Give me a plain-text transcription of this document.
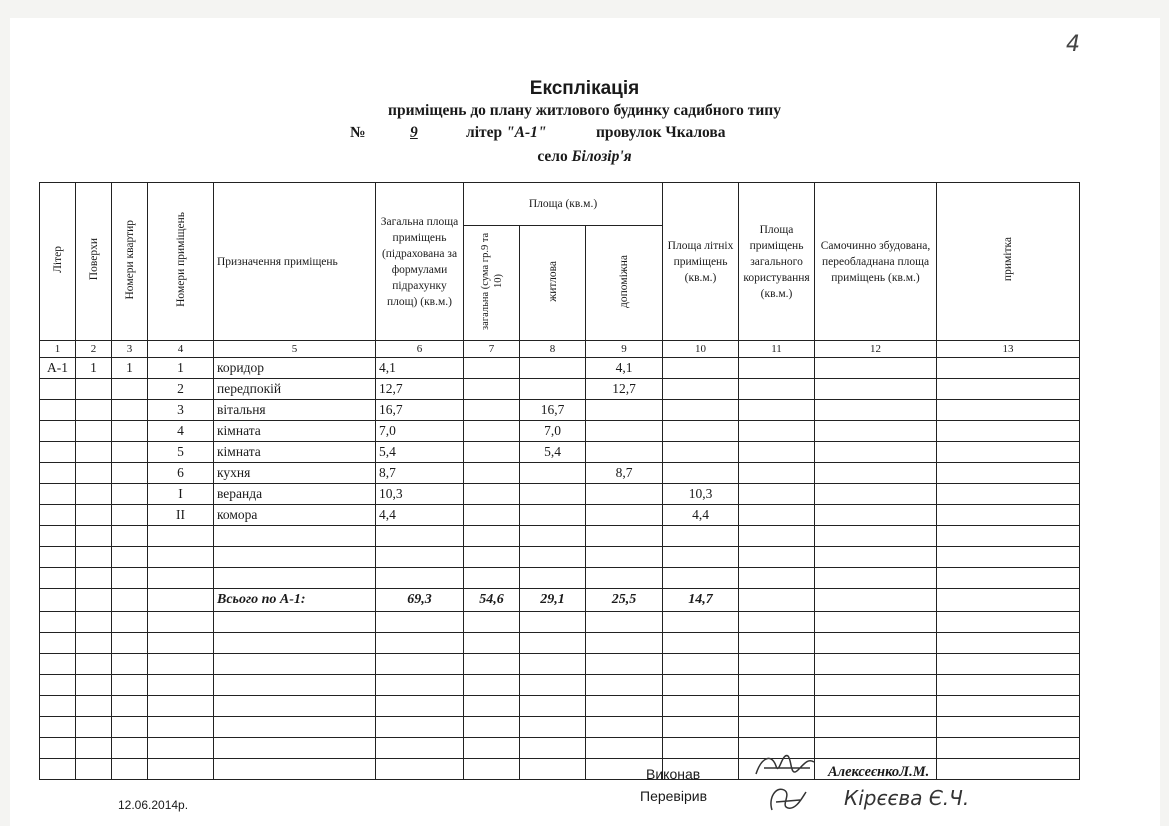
4
Експлікація
приміщень до плану житлового будинку садибного типу
№	9	літер "А-1"	провулок Чкалова
село Білозір'я
Літер	Поверхи	Номери квартир	Номери приміщень	Призначення приміщень	Загальна площа приміщень (підрахована за формулами підрахунку площ) (кв.м.)	Площа (кв.м.)			Площа літніх приміщень (кв.м.)	Площа приміщень загального користування (кв.м.)	Самочинно збудована, переобладнана площа приміщень (кв.м.)	примітка
						загальна (сума гр.9 та 10)	житлова	допоміжна				
1	2	3	4	5	6	7	8	9	10	11	12	13
А-1	1	1	1	коридор	4,1			4,1				
			2	передпокій	12,7			12,7				
			3	вітальня	16,7		16,7					
			4	кімната	7,0		7,0					
			5	кімната	5,4		5,4					
			6	кухня	8,7			8,7				
			I	веранда	10,3				10,3			
			II	комора	4,4				4,4			

				Всього по А-1:	69,3	54,6	29,1	25,5	14,7			

Виконав	АлексеєнкоЛ.М.
Перевірив	Кірєєва Є.Ч.
12.06.2014р.
